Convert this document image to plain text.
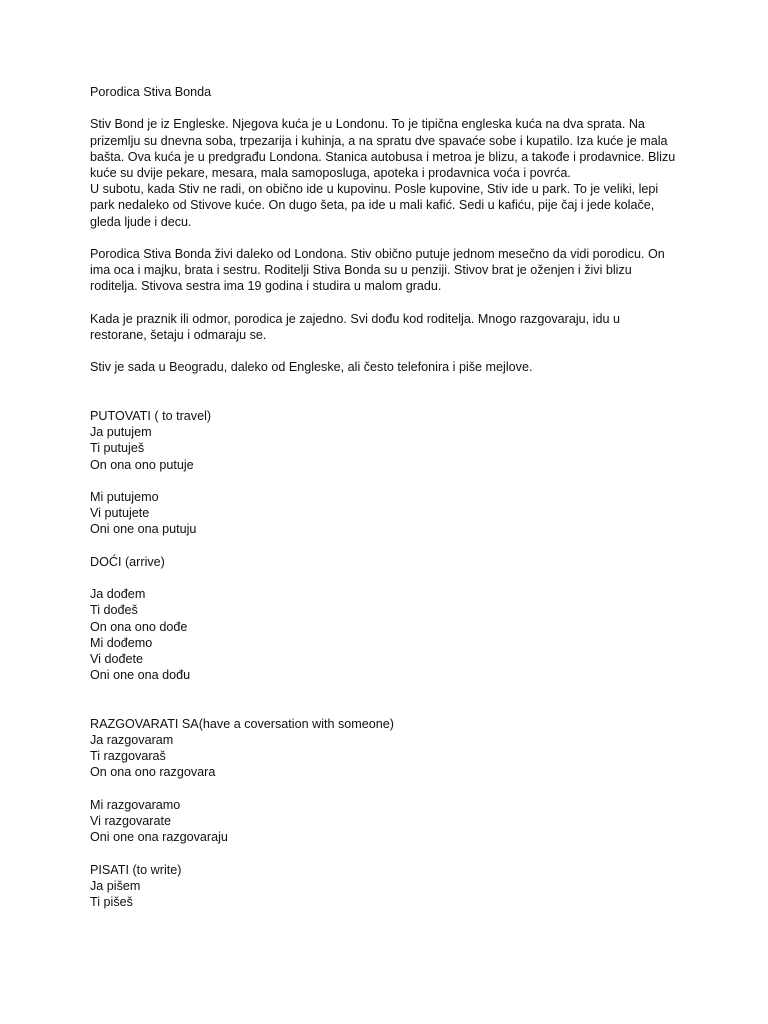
Porodica Stiva Bonda

Stiv Bond je iz Engleske. Njegova kuća je u Londonu. To je tipična engleska kuća na dva sprata. Na prizemlju su dnevna soba, trpezarija i kuhinja, a na spratu dve spavaće sobe i kupatilo. Iza kuće je mala bašta. Ova kuća je u predgrađu Londona. Stanica autobusa i metroa je blizu, a takođe i prodavnice. Blizu kuće su dvije pekare, mesara, mala samoposluga, apoteka i prodavnica voća i povrća.

U subotu, kada Stiv ne radi, on obično ide u kupovinu. Posle kupovine, Stiv ide u park. To je veliki, lepi park nedaleko od Stivove kuće. On dugo šeta, pa ide u mali kafić. Sedi u kafiću, pije čaj i jede kolače, gleda ljude i decu.

Porodica Stiva Bonda živi daleko od Londona. Stiv obično putuje jednom mesečno da vidi porodicu. On ima oca i majku, brata i sestru. Roditelji Stiva Bonda su u penziji. Stivov brat je oženjen i živi blizu roditelja. Stivova sestra ima 19 godina i studira u malom gradu.

Kada je praznik ili odmor, porodica je zajedno. Svi dođu kod roditelja. Mnogo razgovaraju, idu u restorane, šetaju i odmaraju se.

Stiv je sada u Beogradu, daleko od Engleske, ali često telefonira i piše mejlove.

PUTOVATI ( to travel)

Ja putujem
Ti putuješ
On ona ono putuje

Mi putujemo
Vi putujete
Oni one ona putuju

DOĆI (arrive)

Ja dođem
Ti dođeš
On ona ono dođe
Mi dođemo
Vi dođete
Oni one ona dođu

RAZGOVARATI SA(have a coversation with someone)

Ja razgovaram
Ti razgovaraš
On ona ono razgovara

Mi razgovaramo
Vi razgovarate
Oni one ona razgovaraju

PISATI (to write)

Ja pišem
Ti pišeš
